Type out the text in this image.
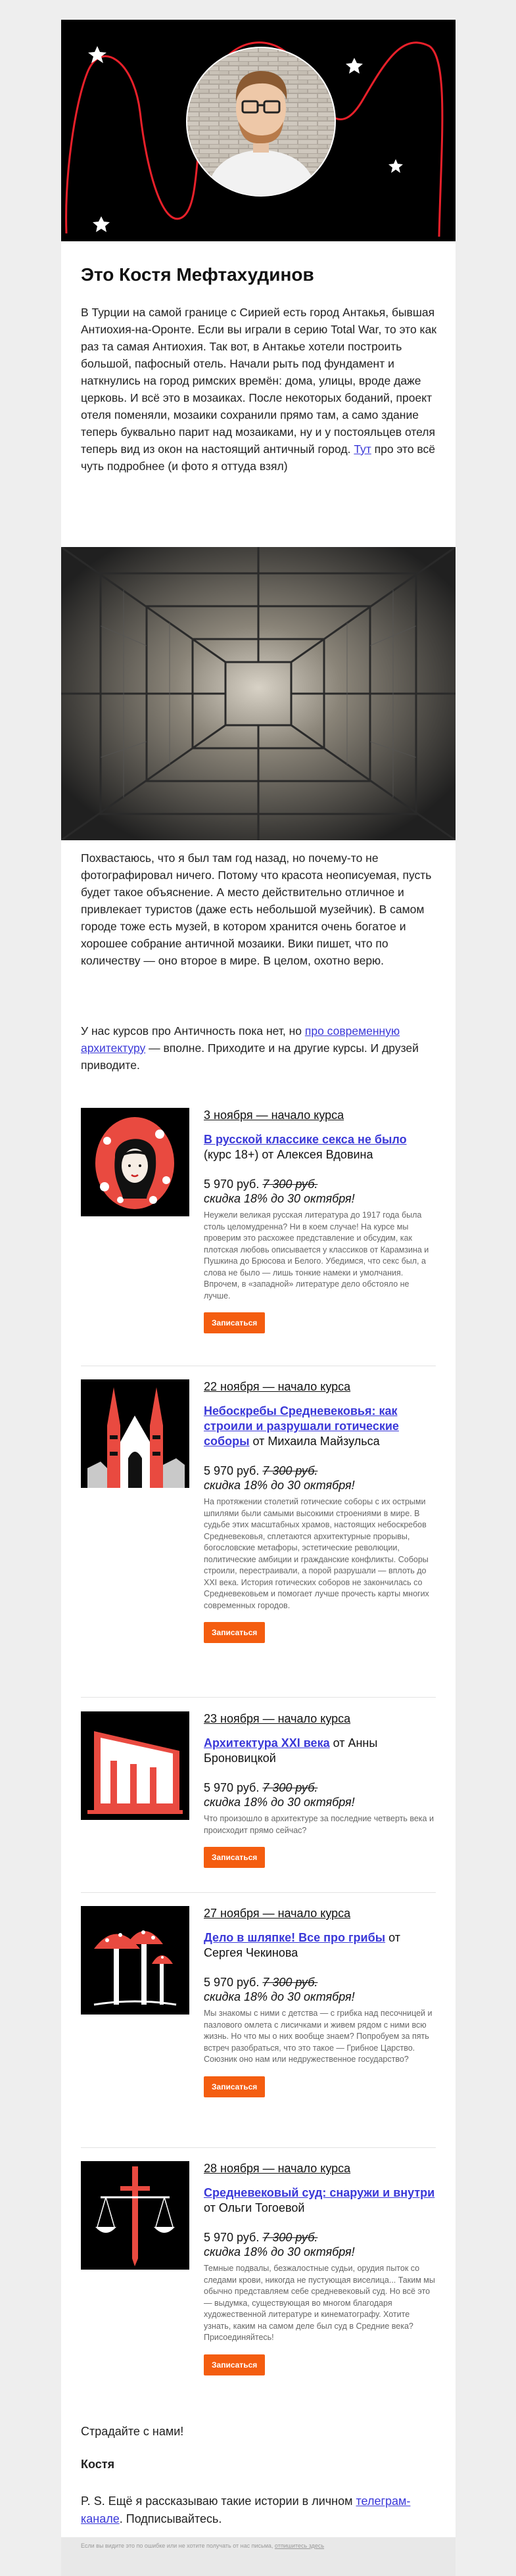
Это Костя Мефтахудинов
В Турции на самой границе с Сирией есть город Антакья, бывшая Антиохия-на-Оронте. Если вы играли в серию Total War, то это как раз та самая Антиохия. Так вот, в Антакье хотели построить большой, пафосный отель. Начали рыть под фундамент и наткнулись на город римских времён: дома, улицы, вроде даже церковь. И всё это в мозаиках. После некоторых боданий, проект отеля поменяли, мозаики сохранили прямо там, а само здание теперь буквально парит над мозаиками, ну и у постояльцев отеля теперь вид из окон на настоящий античный город. Тут про это всё чуть подробнее (и фото я оттуда взял)
Похвастаюсь, что я был там год назад, но почему-то не фотографировал ничего. Потому что красота неописуемая, пусть будет такое объяснение. А место действительно отличное и привлекает туристов (даже есть небольшой музейчик). В самом городе тоже есть музей, в котором хранится очень богатое и хорошее собрание античной мозаики. Вики пишет, что по количеству — оно второе в мире. В целом, охотно верю.
У нас курсов про Античность пока нет, но про современную архитектуру — вполне. Приходите и на другие курсы. И друзей приводите.
3 ноября — начало курса
В русской классике секса не было (курс 18+) от Алексея Вдовина
5 970 руб. 7 300 руб.
скидка 18% до 30 октября!
Неужели великая русская литература до 1917 года была столь целомудренна? Ни в коем случае! На курсе мы проверим это расхожее представление и обсудим, как плотская любовь описывается у классиков от Карамзина и Пушкина до Брюсова и Белого. Убедимся, что секс был, а слова не было — лишь тонкие намеки и умолчания. Впрочем, в «западной» литературе дело обстояло не лучше.
Записаться
22 ноября — начало курса
Небоскребы Средневековья: как строили и разрушали готические соборы от Михаила Майзульса
5 970 руб. 7 300 руб.
скидка 18% до 30 октября!
На протяжении столетий готические соборы с их острыми шпилями были самыми высокими строениями в мире. В судьбе этих масштабных храмов, настоящих небоскребов Средневековья, сплетаются архитектурные прорывы, богословские метафоры, эстетические революции, политические амбиции и гражданские конфликты. Соборы строили, перестраивали, а порой разрушали — вплоть до XXI века. История готических соборов не закончилась со Средневековьем и помогает лучше прочесть карты многих современных городов.
Записаться
23 ноября — начало курса
Архитектура XXI века от Анны Броновицкой
5 970 руб. 7 300 руб.
скидка 18% до 30 октября!
Что произошло в архитектуре за последние четверть века и происходит прямо сейчас?
Записаться
27 ноября — начало курса
Дело в шляпке! Все про грибы от Сергея Чекинова
5 970 руб. 7 300 руб.
скидка 18% до 30 октября!
Мы знакомы с ними с детства — с грибка над песочницей и пазлового омлета с лисичками и живем рядом с ними всю жизнь. Но что мы о них вообще знаем? Попробуем за пять встреч разобраться, что это такое — Грибное Царство. Союзник оно нам или недружественное государство?
Записаться
28 ноября — начало курса
Средневековый суд: снаружи и внутри от Ольги Тогоевой
5 970 руб. 7 300 руб.
скидка 18% до 30 октября!
Темные подвалы, безжалостные судьи, орудия пыток со следами крови, никогда не пустующая виселица... Таким мы обычно представляем себе средневековый суд. Но всё это — выдумка, существующая во многом благодаря художественной литературе и кинематографу. Хотите узнать, каким на самом деле был суд в Средние века? Присоединяйтесь!
Записаться
Страдайте с нами!
Костя
P. S. Ещё я рассказываю такие истории в личном телеграм-канале. Подписывайтесь.
Если вы видите это по ошибке или не хотите получать от нас письма, отпишитесь здесь
